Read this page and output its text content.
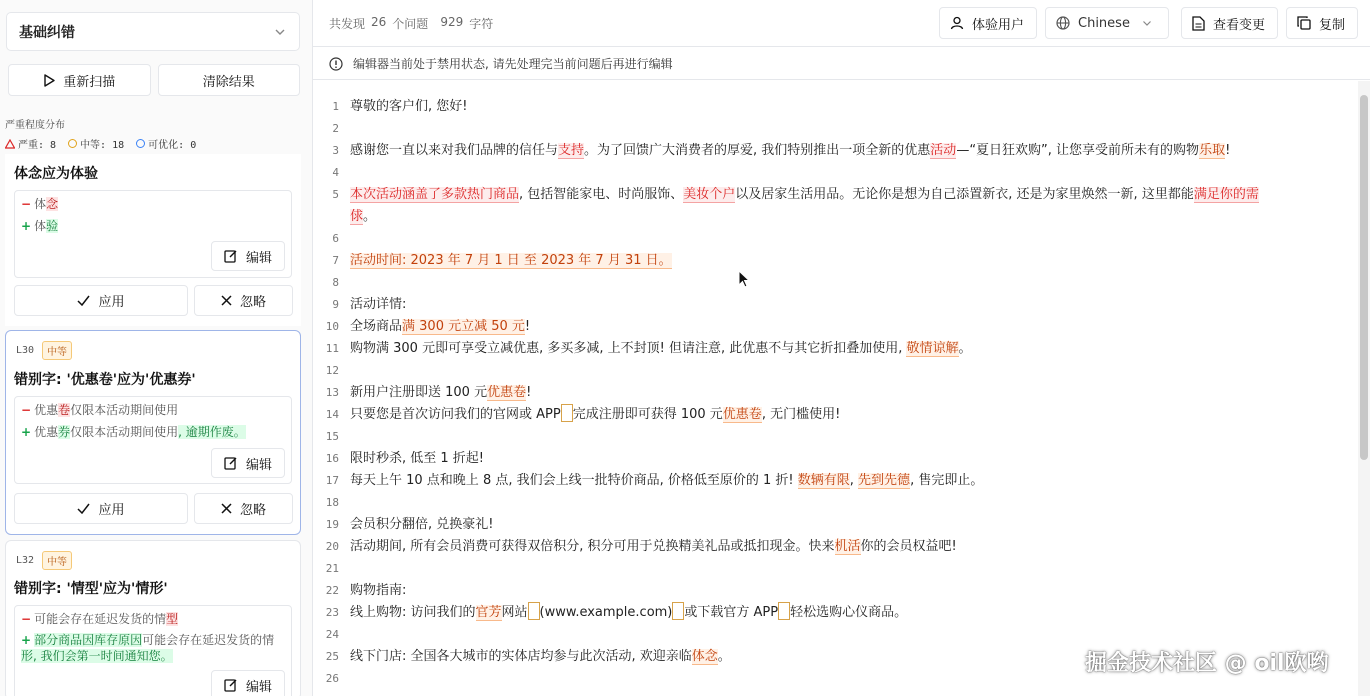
基础纠错
重新扫描	清除结果
严重程度分布
严重: 8 中等: 18 可优化: 0
体念应为体验
− 体念
+ 体验
编辑
应用	忽略
L30	中等
错别字: '优惠卷'应为'优惠券'
− 优惠卷仅限本活动期间使用
+ 优惠券仅限本活动期间使用, 逾期作废。
编辑
应用	忽略
L32	中等
错别字: '情型'应为'情形'
− 可能会存在延迟发货的情型
+ 部分商品因库存原因可能会存在延迟发货的情形, 我们会第一时间通知您。
编辑
共发现 26 个问题 929 字符	体验用户	Chinese	查看变更	复制
编辑器当前处于禁用状态, 请先处理完当前问题后再进行编辑
1
2
3
4
5
6
7
8
9
10
11
12
13
14
15
16
17
18
19
20
21
22
23
24
25
26
尊敬的客户们, 您好!
感谢您一直以来对我们品牌的信任与支持。为了回馈广大消费者的厚爱, 我们特别推出一项全新的优惠活动—“夏日狂欢购”, 让您享受前所未有的购物乐取!
本次活动涵盖了多款热门商品, 包括智能家电、时尚服饰、美妆个户以及居家生活用品。无论你是想为自己添置新衣, 还是为家里焕然一新, 这里都能满足你的需
俅。
活动时间: 2023 年 7 月 1 日 至 2023 年 7 月 31 日。
活动详情:
全场商品满 300 元立减 50 元!
购物满 300 元即可享受立减优惠, 多买多减, 上不封顶! 但请注意, 此优惠不与其它折扣叠加使用, 敬情谅解。
新用户注册即送 100 元优惠卷!
只要您是首次访问我们的官网或 APP 完成注册即可获得 100 元优惠卷, 无门槛使用!
限时秒杀, 低至 1 折起!
每天上午 10 点和晚上 8 点, 我们会上线一批特价商品, 价格低至原价的 1 折! 数辆有限, 先到先德, 售完即止。
会员积分翻倍, 兑换豪礼!
活动期间, 所有会员消费可获得双倍积分, 积分可用于兑换精美礼品或抵扣现金。快来机活你的会员权益吧!
购物指南:
线上购物: 访问我们的官芳网站 (www.example.com) 或下载官方 APP 轻松选购心仪商品。
线下门店: 全国各大城市的实体店均参与此次活动, 欢迎亲临体念。	掘金技术社区 @ oil欧哟
